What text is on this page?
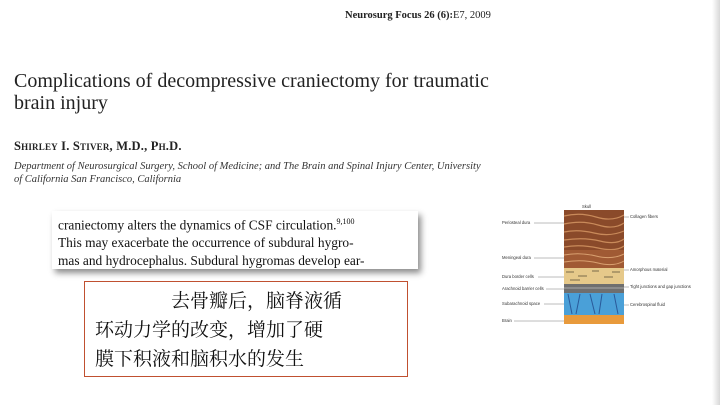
Neurosurg Focus 26 (6):E7, 2009
Complications of decompressive craniectomy for traumatic brain injury
Shirley I. Stiver, M.D., Ph.D.
Department of Neurosurgical Surgery, School of Medicine; and The Brain and Spinal Injury Center, University of California San Francisco, California
craniectomy alters the dynamics of CSF circulation.$^{9,100}$
This may exacerbate the occurrence of subdural hygro-
mas and hydrocephalus. Subdural hygromas develop ear-
去骨瓣后，脑脊液循
环动力学的改变，增加了硬
膜下积液和脑积水的发生
Skull
Periosteal dura
Meningeal dura
Dura border cells
Arachnoid barrier cells
Subarachnoid space
Brain
Collagen fibers
Amorphous material
Tight junctions and gap junctions
Cerebrospinal fluid
